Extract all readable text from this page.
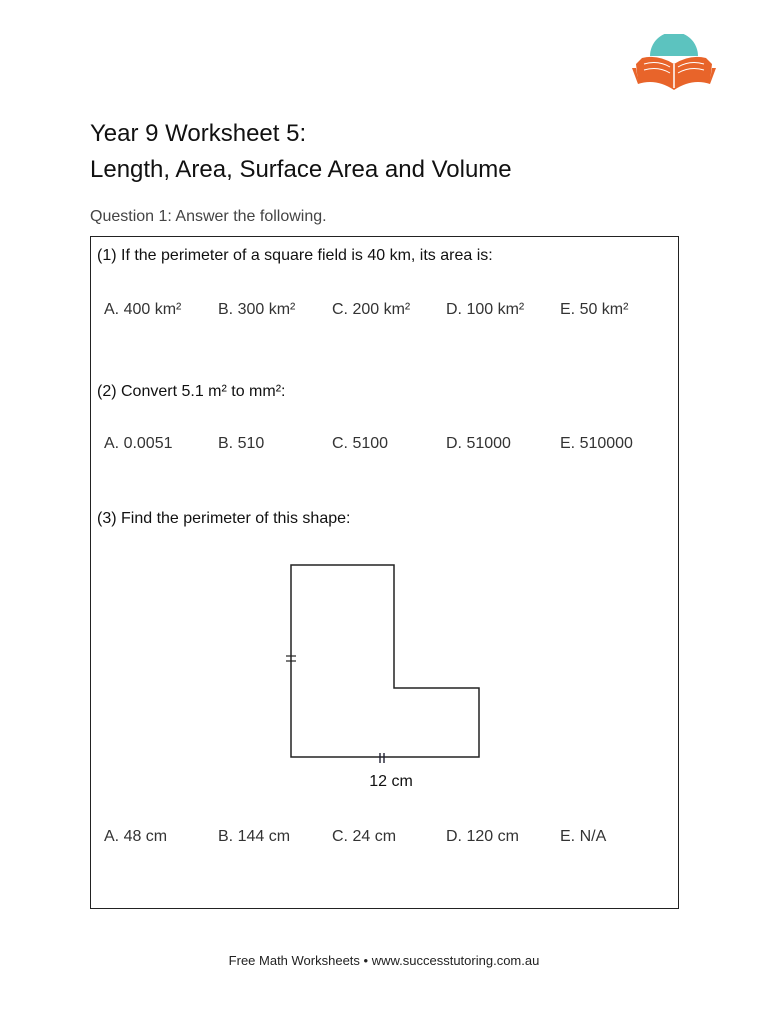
Year 9 Worksheet 5:
Length, Area, Surface Area and Volume
Question 1: Answer the following.
(1) If the perimeter of a square field is 40 km, its area is:
A. 400 km² B. 300 km² C. 200 km² D. 100 km² E. 50 km²
(2) Convert 5.1 m² to mm²:
A. 0.0051	B. 510	C. 5100	D. 51000	E. 510000
(3) Find the perimeter of this shape:
12 cm
A. 48 cm	B. 144 cm	C. 24 cm	D. 120 cm	E. N/A
Free Math Worksheets • www.successtutoring.com.au
